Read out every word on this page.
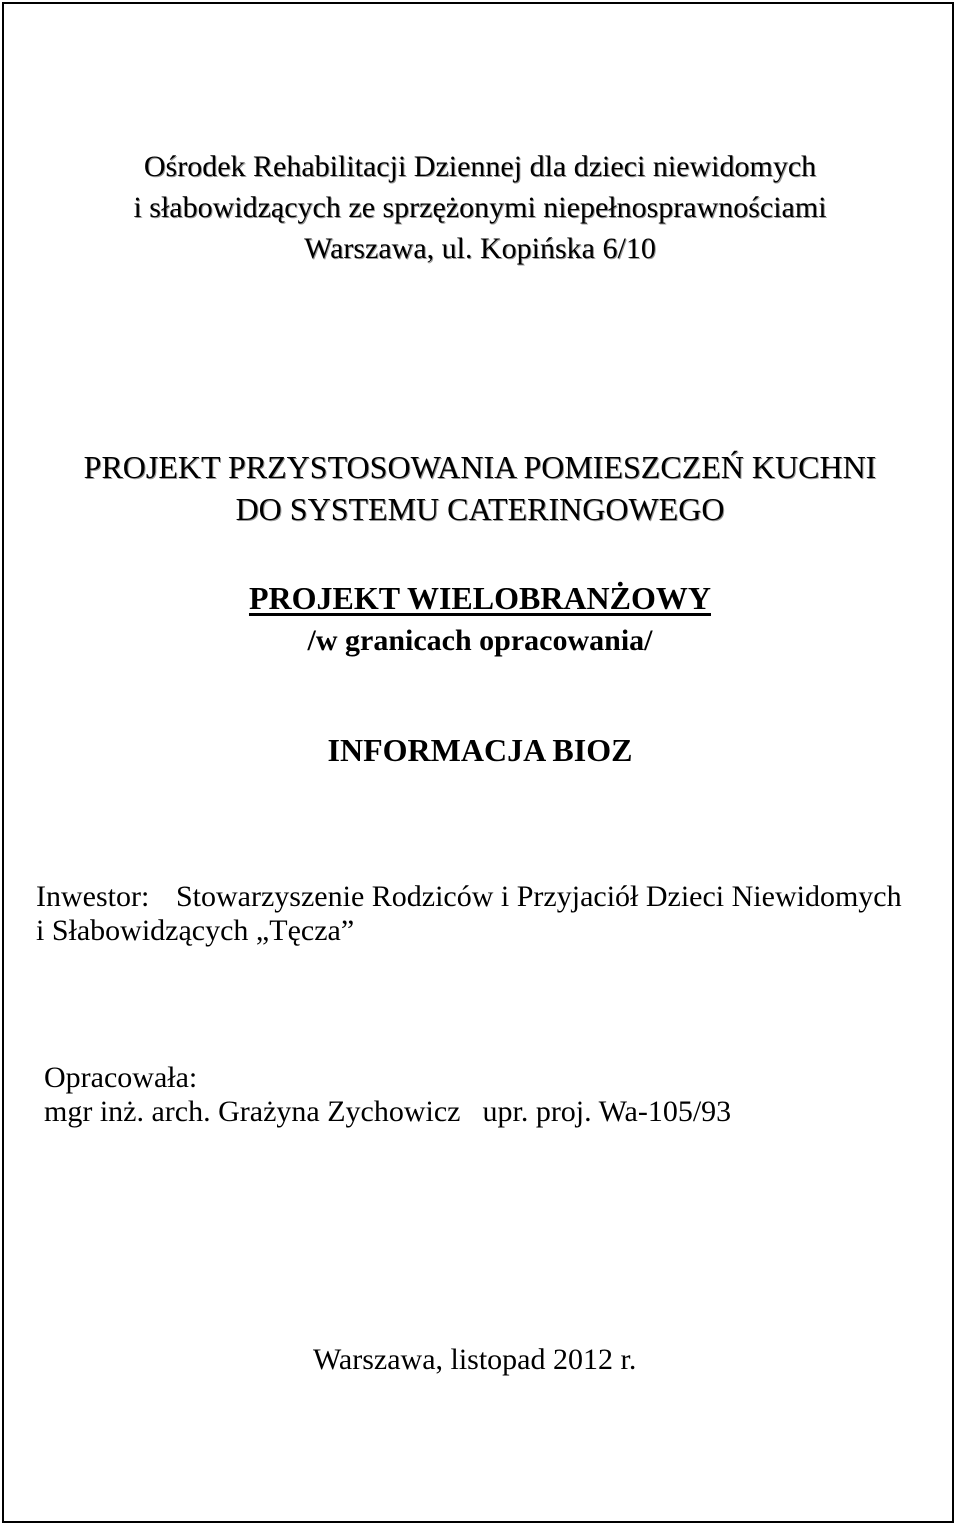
Ośrodek Rehabilitacji Dziennej dla dzieci niewidomych
i słabowidzących ze sprzężonymi niepełnosprawnościami
Warszawa, ul. Kopińska 6/10
PROJEKT PRZYSTOSOWANIA POMIESZCZEŃ KUCHNI
DO SYSTEMU CATERINGOWEGO
PROJEKT WIELOBRANŻOWY
/w granicach opracowania/
INFORMACJA BIOZ
Inwestor: Stowarzyszenie Rodziców i Przyjaciół Dzieci Niewidomych
i Słabowidzących „Tęcza”
Opracowała:
mgr inż. arch. Grażyna Zychowicz upr. proj. Wa-105/93
Warszawa, listopad 2012 r.
